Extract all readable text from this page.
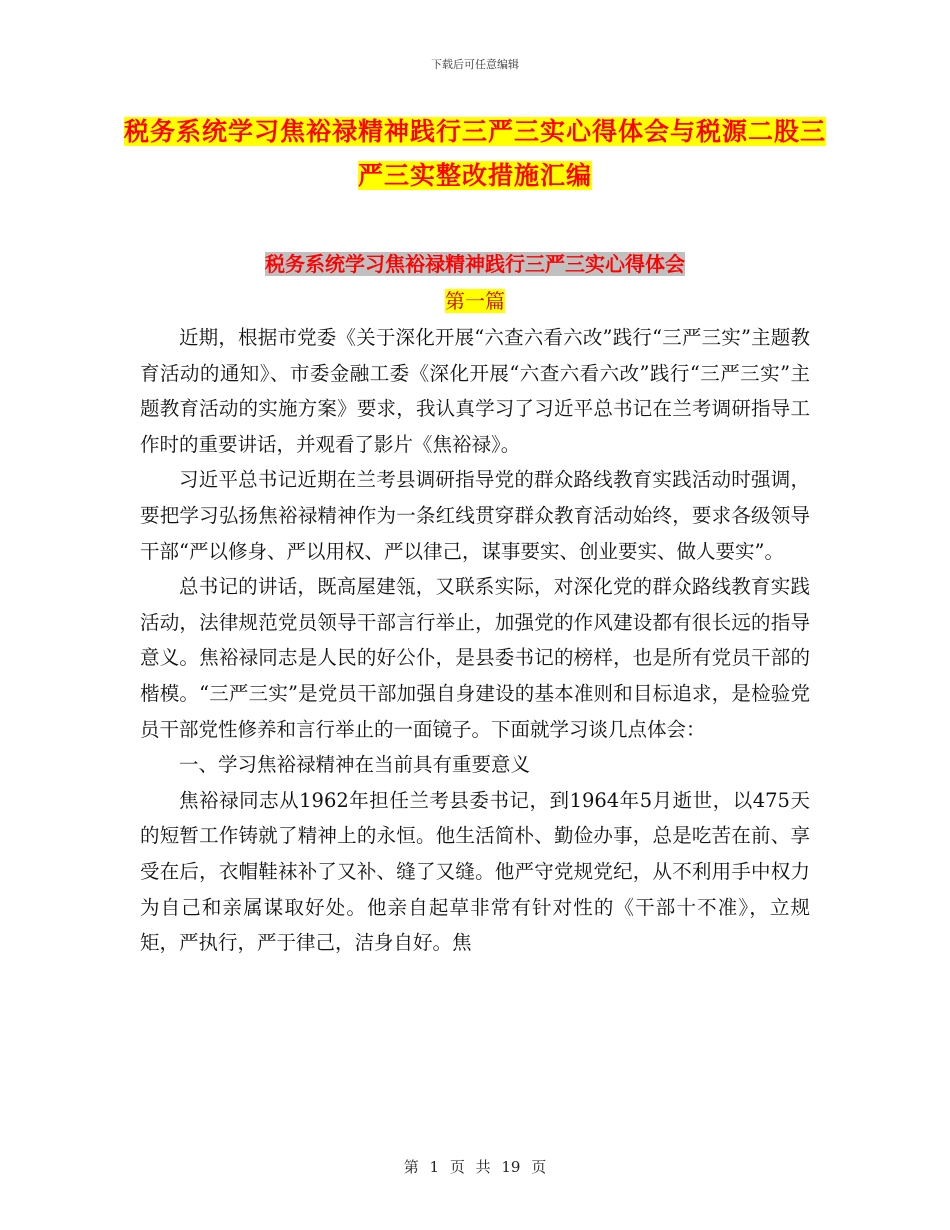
下载后可任意编辑
税务系统学习焦裕禄精神践行三严三实心得体会与税源二股三严三实整改措施汇编
税务系统学习焦裕禄精神践行三严三实心得体会
第一篇

近期，根据市党委《关于深化开展“六查六看六改”践行“三严三实”主题教育活动的通知》、市委金融工委《深化开展“六查六看六改”践行“三严三实”主题教育活动的实施方案》要求，我认真学习了习近平总书记在兰考调研指导工作时的重要讲话，并观看了影片《焦裕禄》。

习近平总书记近期在兰考县调研指导党的群众路线教育实践活动时强调，要把学习弘扬焦裕禄精神作为一条红线贯穿群众教育活动始终，要求各级领导干部“严以修身、严以用权、严以律己，谋事要实、创业要实、做人要实”。

总书记的讲话，既高屋建瓴，又联系实际，对深化党的群众路线教育实践活动，法律规范党员领导干部言行举止，加强党的作风建设都有很长远的指导意义。焦裕禄同志是人民的好公仆，是县委书记的榜样，也是所有党员干部的楷模。“三严三实”是党员干部加强自身建设的基本准则和目标追求，是检验党员干部党性修养和言行举止的一面镜子。下面就学习谈几点体会：

一、学习焦裕禄精神在当前具有重要意义

焦裕禄同志从1962年担任兰考县委书记，到1964年5月逝世，以475天的短暂工作铸就了精神上的永恒。他生活简朴、勤俭办事，总是吃苦在前、享受在后，衣帽鞋袜补了又补、缝了又缝。他严守党规党纪，从不利用手中权力为自己和亲属谋取好处。他亲自起草非常有针对性的《干部十不准》，立规矩，严执行，严于律己，洁身自好。焦

第 1 页 共 19 页
